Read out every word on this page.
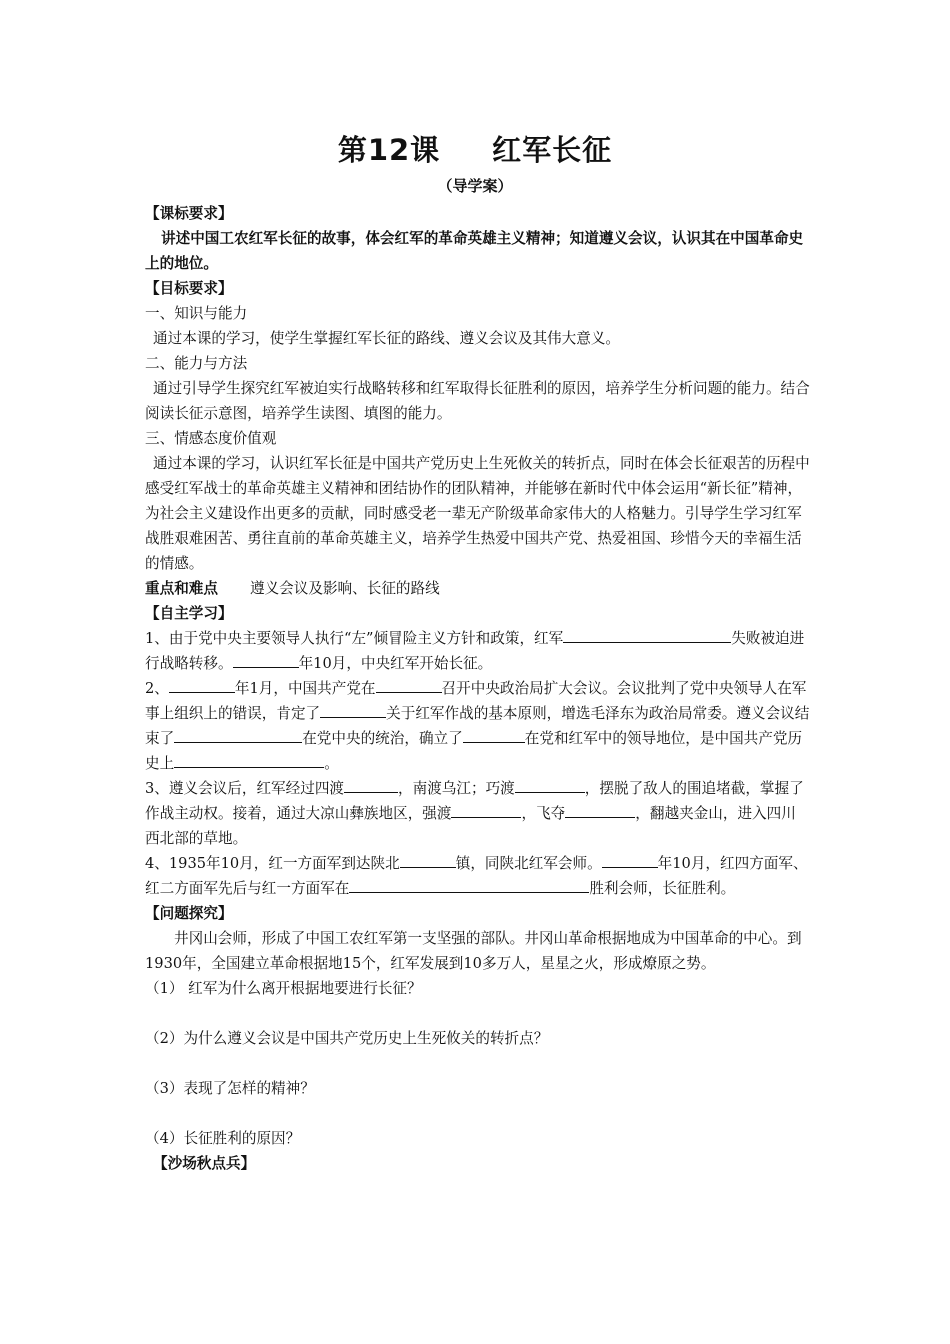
第12课 红军长征
（导学案）

【课标要求】

讲述中国工农红军长征的故事，体会红军的革命英雄主义精神；知道遵义会议，认识其在中国革命史上的地位。

【目标要求】

一、知识与能力

通过本课的学习，使学生掌握红军长征的路线、遵义会议及其伟大意义。

二、能力与方法

通过引导学生探究红军被迫实行战略转移和红军取得长征胜利的原因，培养学生分析问题的能力。结合阅读长征示意图，培养学生读图、填图的能力。

三、情感态度价值观

通过本课的学习，认识红军长征是中国共产党历史上生死攸关的转折点，同时在体会长征艰苦的历程中感受红军战士的革命英雄主义精神和团结协作的团队精神，并能够在新时代中体会运用“新长征”精神，为社会主义建设作出更多的贡献，同时感受老一辈无产阶级革命家伟大的人格魅力。引导学生学习红军战胜艰难困苦、勇往直前的革命英雄主义，培养学生热爱中国共产党、热爱祖国、珍惜今天的幸福生活的情感。

重点和难点 遵义会议及影响、长征的路线

【自主学习】

1、由于党中央主要领导人执行“左”倾冒险主义方针和政策，红军	失败被迫进行战略转移。	年10月，中央红军开始长征。

2、	年1月，中国共产党在	召开中央政治局扩大会议。会议批判了党中央领导人在军事上组织上的错误，肯定了	关于红军作战的基本原则，增选毛泽东为政治局常委。遵义会议结束了	在党中央的统治，确立了	在党和红军中的领导地位，是中国共产党历史上	。

3、遵义会议后，红军经过四渡	，南渡乌江；巧渡	，摆脱了敌人的围追堵截，掌握了作战主动权。接着，通过大凉山彝族地区，强渡	，飞夺	，翻越夹金山，进入四川西北部的草地。

4、1935年10月，红一方面军到达陕北	镇，同陕北红军会师。	年10月，红四方面军、红二方面军先后与红一方面军在	胜利会师，长征胜利。

【问题探究】

井冈山会师，形成了中国工农红军第一支坚强的部队。井冈山革命根据地成为中国革命的中心。到1930年，全国建立革命根据地15个，红军发展到10多万人，星星之火，形成燎原之势。

（1） 红军为什么离开根据地要进行长征？

（2）为什么遵义会议是中国共产党历史上生死攸关的转折点？

（3）表现了怎样的精神？

（4）长征胜利的原因？

【沙场秋点兵】
